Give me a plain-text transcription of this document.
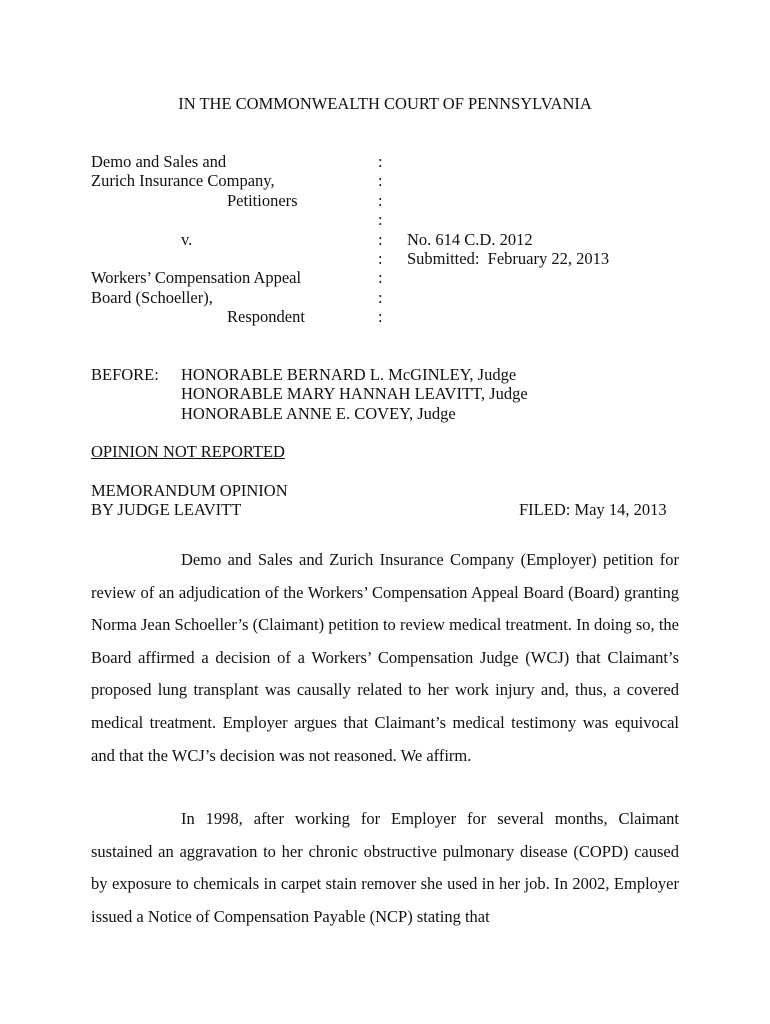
IN THE COMMONWEALTH COURT OF PENNSYLVANIA
Demo and Sales and
Zurich Insurance Company,
Petitioners
v.
Workers’ Compensation Appeal
Board (Schoeller),
Respondent
:
:
:
:
:
:
:
:
:
No. 614 C.D. 2012
Submitted:  February 22, 2013
BEFORE: HONORABLE BERNARD L. McGINLEY, Judge
HONORABLE MARY HANNAH LEAVITT, Judge
HONORABLE ANNE E. COVEY, Judge
OPINION NOT REPORTED
MEMORANDUM OPINION
BY JUDGE LEAVITT	FILED: May 14, 2013
Demo and Sales and Zurich Insurance Company (Employer) petition for review of an adjudication of the Workers’ Compensation Appeal Board (Board) granting Norma Jean Schoeller’s (Claimant) petition to review medical treatment. In doing so, the Board affirmed a decision of a Workers’ Compensation Judge (WCJ) that Claimant’s proposed lung transplant was causally related to her work injury and, thus, a covered medical treatment. Employer argues that Claimant’s medical testimony was equivocal and that the WCJ’s decision was not reasoned. We affirm.
In 1998, after working for Employer for several months, Claimant sustained an aggravation to her chronic obstructive pulmonary disease (COPD) caused by exposure to chemicals in carpet stain remover she used in her job. In 2002, Employer issued a Notice of Compensation Payable (NCP) stating that
